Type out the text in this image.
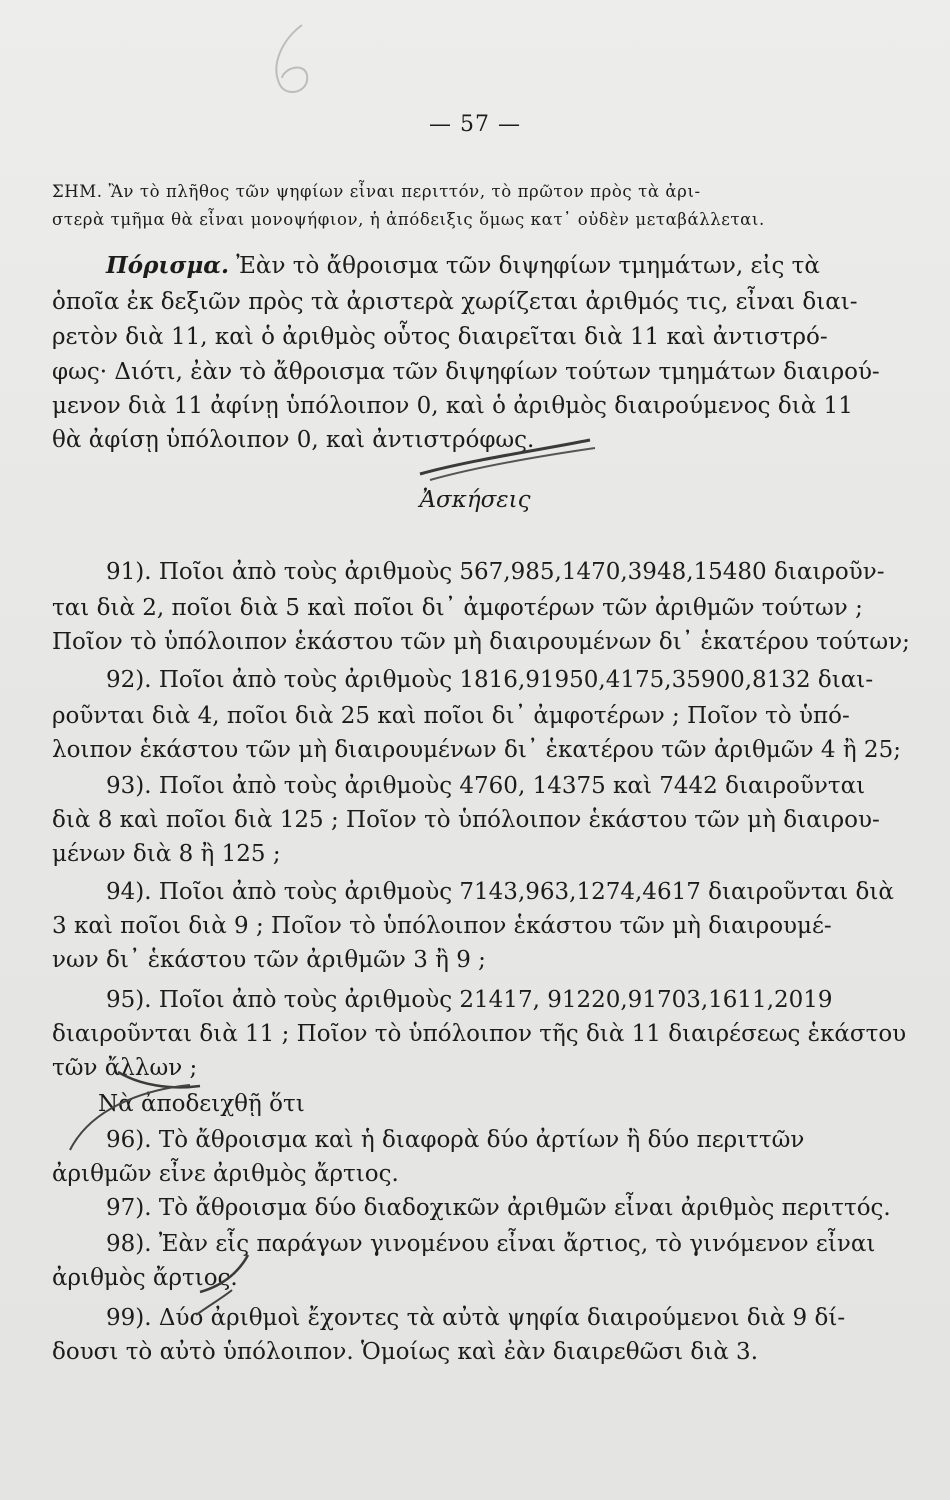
— 57 —
ΣΗΜ. Ἂν τὸ πλῆθος τῶν ψηφίων εἶναι περιττόν, τὸ πρῶτον πρὸς τὰ ἀρι-
στερὰ τμῆμα θὰ εἶναι μονοψήφιον, ἡ ἀπόδειξις ὅμως κατ᾽ οὐδὲν μεταβάλλεται.
Πόρισμα. Ἐὰν τὸ ἄθροισμα τῶν διψηφίων τμημάτων, εἰς τὰ
ὁποῖα ἐκ δεξιῶν πρὸς τὰ ἀριστερὰ χωρίζεται ἀριθμός τις, εἶναι διαι-
ρετὸν διὰ 11, καὶ ὁ ἀριθμὸς οὗτος διαιρεῖται διὰ 11 καὶ ἀντιστρό-
φως· Διότι, ἐὰν τὸ ἄθροισμα τῶν διψηφίων τούτων τμημάτων διαιρού-
μενον διὰ 11 ἀφίνῃ ὑπόλοιπον 0, καὶ ὁ ἀριθμὸς διαιρούμενος διὰ 11
θὰ ἀφίσῃ ὑπόλοιπον 0, καὶ ἀντιστρόφως.
Ἀσκήσεις
91). Ποῖοι ἀπὸ τοὺς ἀριθμοὺς 567,985,1470,3948,15480 διαιροῦν-
ται διὰ 2, ποῖοι διὰ 5 καὶ ποῖοι δι᾽ ἀμφοτέρων τῶν ἀριθμῶν τούτων ;
Ποῖον τὸ ὑπόλοιπον ἑκάστου τῶν μὴ διαιρουμένων δι᾽ ἑκατέρου τούτων;
92). Ποῖοι ἀπὸ τοὺς ἀριθμοὺς 1816,91950,4175,35900,8132 διαι-
ροῦνται διὰ 4, ποῖοι διὰ 25 καὶ ποῖοι δι᾽ ἀμφοτέρων ; Ποῖον τὸ ὑπό-
λοιπον ἑκάστου τῶν μὴ διαιρουμένων δι᾽ ἑκατέρου τῶν ἀριθμῶν 4 ἢ 25;
93). Ποῖοι ἀπὸ τοὺς ἀριθμοὺς 4760, 14375 καὶ 7442 διαιροῦνται
διὰ 8 καὶ ποῖοι διὰ 125 ; Ποῖον τὸ ὑπόλοιπον ἑκάστου τῶν μὴ διαιρου-
μένων διὰ 8 ἢ 125 ;
94). Ποῖοι ἀπὸ τοὺς ἀριθμοὺς 7143,963,1274,4617 διαιροῦνται διὰ
3 καὶ ποῖοι διὰ 9 ; Ποῖον τὸ ὑπόλοιπον ἑκάστου τῶν μὴ διαιρουμέ-
νων δι᾽ ἑκάστου τῶν ἀριθμῶν 3 ἢ 9 ;
95). Ποῖοι ἀπὸ τοὺς ἀριθμοὺς 21417, 91220,91703,1611,2019
διαιροῦνται διὰ 11 ; Ποῖον τὸ ὑπόλοιπον τῆς διὰ 11 διαιρέσεως ἑκάστου
τῶν ἄλλων ;
Νὰ ἀποδειχθῇ ὅτι
96). Τὸ ἄθροισμα καὶ ἡ διαφορὰ δύο ἀρτίων ἢ δύο περιττῶν
ἀριθμῶν εἶνε ἀριθμὸς ἄρτιος.
97). Τὸ ἄθροισμα δύο διαδοχικῶν ἀριθμῶν εἶναι ἀριθμὸς περιττός.
98). Ἐὰν εἷς παράγων γινομένου εἶναι ἄρτιος, τὸ γινόμενον εἶναι
ἀριθμὸς ἄρτιος.
99). Δύο ἀριθμοὶ ἔχοντες τὰ αὐτὰ ψηφία διαιρούμενοι διὰ 9 δί-
δουσι τὸ αὐτὸ ὑπόλοιπον. Ὁμοίως καὶ ἐὰν διαιρεθῶσι διὰ 3.
